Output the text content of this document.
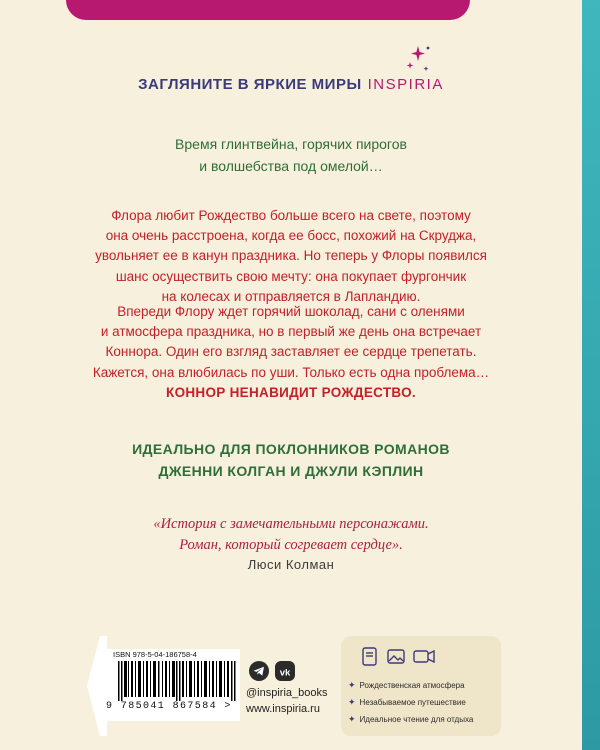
ЗАГЛЯНИТЕ В ЯРКИЕ МИРЫ INSPIRIA
Время глинтвейна, горячих пирогов
и волшебства под омелой…
Флора любит Рождество больше всего на свете, поэтому
она очень расстроена, когда ее босс, похожий на Скруджа,
увольняет ее в канун праздника. Но теперь у Флоры появился
шанс осуществить свою мечту: она покупает фургончик
на колесах и отправляется в Лапландию.
Впереди Флору ждет горячий шоколад, сани с оленями
и атмосфера праздника, но в первый же день она встречает
Коннора. Один его взгляд заставляет ее сердце трепетать.
Кажется, она влюбилась по уши. Только есть одна проблема…
КОННОР НЕНАВИДИТ РОЖДЕСТВО.
ИДЕАЛЬНО ДЛЯ ПОКЛОННИКОВ РОМАНОВ
ДЖЕННИ КОЛГАН И ДЖУЛИ КЭПЛИН
«История с замечательными персонажами.
Роман, который согревает сердце».
Люси Колман
ISBN 978-5-04-186758-4
9 785041 867584 >
vk
@inspiria_books
www.inspiria.ru
✦ Рождественская атмосфера
✦ Незабываемое путешествие
✦ Идеальное чтение для отдыха
